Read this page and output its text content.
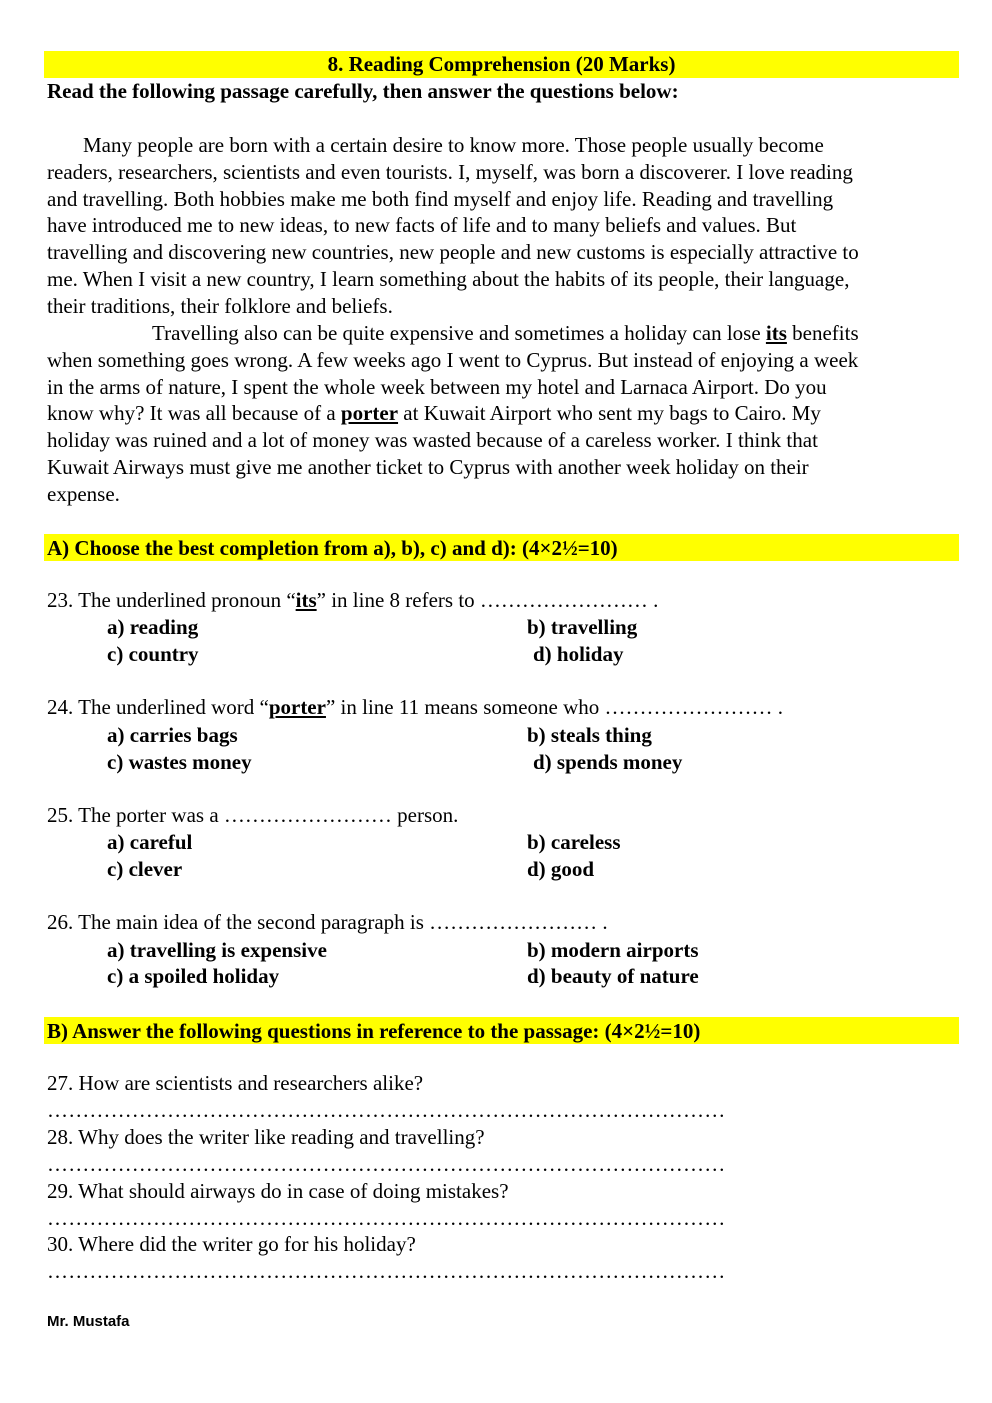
8. Reading Comprehension (20 Marks)
Read the following passage carefully, then answer the questions below:
Many people are born with a certain desire to know more. Those people usually become
readers, researchers, scientists and even tourists. I, myself, was born a discoverer. I love reading
and travelling. Both hobbies make me both find myself and enjoy life. Reading and travelling
have introduced me to new ideas, to new facts of life and to many beliefs and values. But
travelling and discovering new countries, new people and new customs is especially attractive to
me. When I visit a new country, I learn something about the habits of its people, their language,
their traditions, their folklore and beliefs.
Travelling also can be quite expensive and sometimes a holiday can lose its benefits
when something goes wrong. A few weeks ago I went to Cyprus. But instead of enjoying a week
in the arms of nature, I spent the whole week between my hotel and Larnaca Airport. Do you
know why? It was all because of a porter at Kuwait Airport who sent my bags to Cairo. My
holiday was ruined and a lot of money was wasted because of a careless worker. I think that
Kuwait Airways must give me another ticket to Cyprus with another week holiday on their
expense.
A) Choose the best completion from a), b), c) and d): (4×2½=10)
23. The underlined pronoun “its” in line 8 refers to …………………… .
a) reading	b) travelling
c) country	d) holiday
24. The underlined word “porter” in line 11 means someone who …………………… .
a) carries bags	b) steals thing
c) wastes money	d) spends money
25. The porter was a …………………… person.
a) careful	b) careless
c) clever	d) good
26. The main idea of the second paragraph is …………………… .
a) travelling is expensive	b) modern airports
c) a spoiled holiday	d) beauty of nature
B) Answer the following questions in reference to the passage: (4×2½=10)
27. How are scientists and researchers alike?
……………………………………………………………………………………
28. Why does the writer like reading and travelling?
……………………………………………………………………………………
29. What should airways do in case of doing mistakes?
……………………………………………………………………………………
30. Where did the writer go for his holiday?
……………………………………………………………………………………
Mr. Mustafa
